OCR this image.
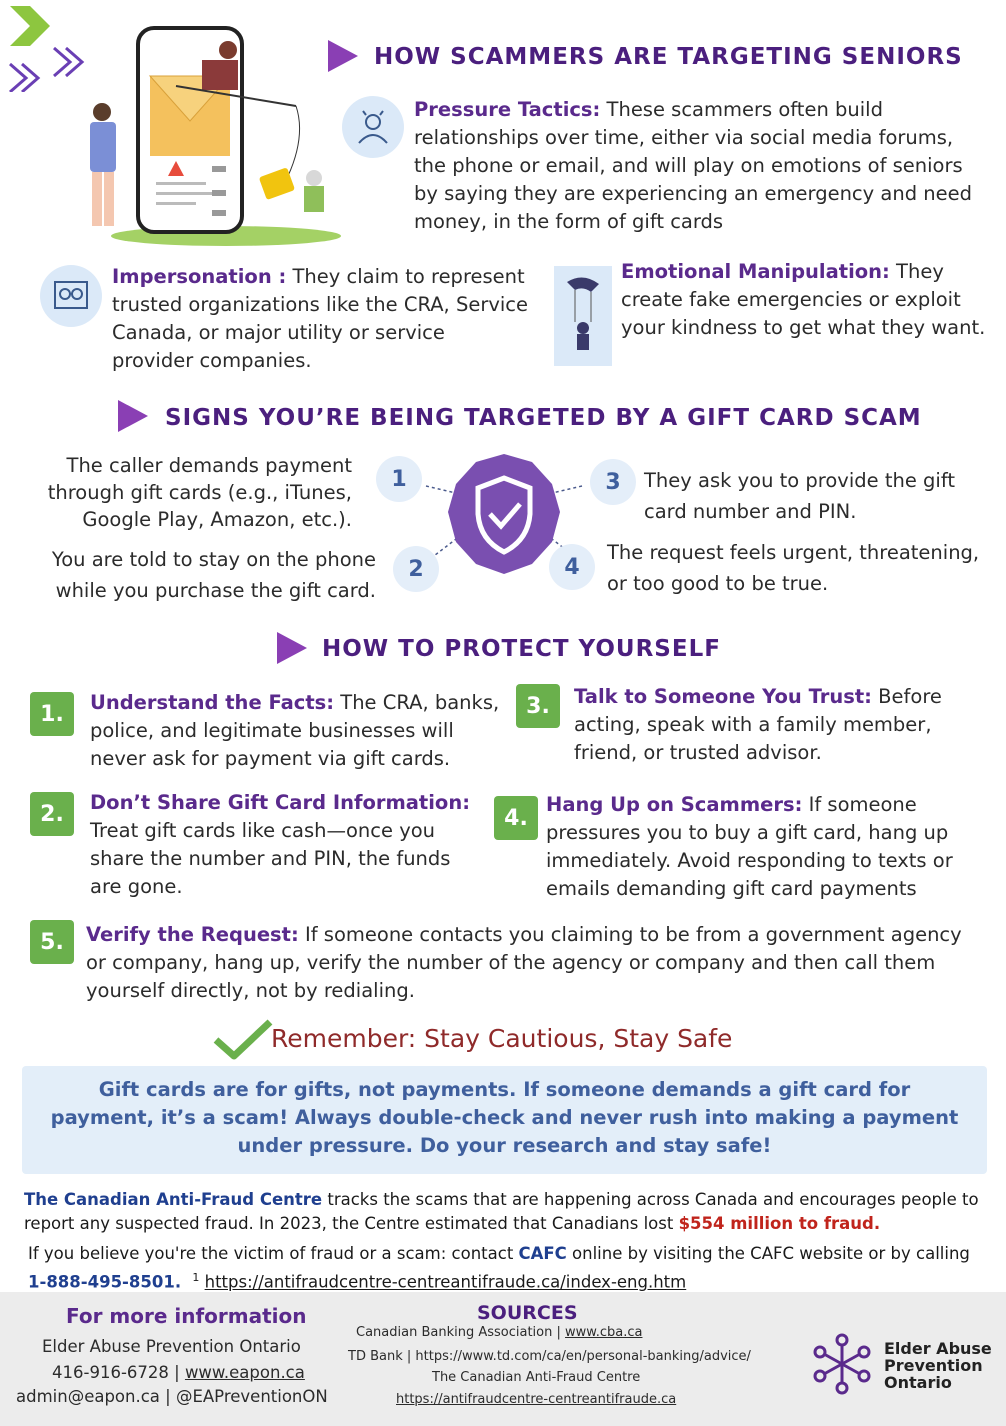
HOW SCAMMERS ARE TARGETING SENIORS
Pressure Tactics: These scammers often build relationships over time, either via social media forums, the phone or email, and will play on emotions of seniors by saying they are experiencing an emergency and need money, in the form of gift cards
Impersonation : They claim to represent trusted organizations like the CRA, Service Canada, or major utility or service provider companies.
Emotional Manipulation: They create fake emergencies or exploit your kindness to get what they want.
SIGNS YOU’RE BEING TARGETED BY A GIFT CARD SCAM
The caller demands payment through gift cards (e.g., iTunes, Google Play, Amazon, etc.).
You are told to stay on the phone while you purchase the gift card.
They ask you to provide the gift card number and PIN.
The request feels urgent, threatening, or too good to be true.
1
2
3
4
HOW TO PROTECT YOURSELF
1.	Understand the Facts: The CRA, banks, police, and legitimate businesses will never ask for payment via gift cards.
2.	Don’t Share Gift Card Information: Treat gift cards like cash—once you share the number and PIN, the funds are gone.
3.	Talk to Someone You Trust: Before acting, speak with a family member, friend, or trusted advisor.
4.
Hang Up on Scammers: If someone pressures you to buy a gift card, hang up immediately. Avoid responding to texts or emails demanding gift card payments
5.	Verify the Request: If someone contacts you claiming to be from a government agency or company, hang up, verify the number of the agency or company and then call them yourself directly, not by redialing.
Remember: Stay Cautious, Stay Safe
Gift cards are for gifts, not payments. If someone demands a gift card for payment, it’s a scam! Always double-check and never rush into making a payment under pressure. Do your research and stay safe!
The Canadian Anti-Fraud Centre tracks the scams that are happening across Canada and encourages people to report any suspected fraud. In 2023, the Centre estimated that Canadians lost $554 million to fraud.
If you believe you're the victim of fraud or a scam: contact CAFC online by visiting the CAFC website or by calling 1-888-495-8501. $^1$ https://antifraudcentre-centreantifraude.ca/index-eng.htm
For more information
Elder Abuse Prevention Ontario
416-916-6728 | www.eapon.ca
admin@eapon.ca | @EAPreventionON
SOURCES
Canadian Banking Association | www.cba.ca
TD Bank | https://www.td.com/ca/en/personal-banking/advice/
The Canadian Anti-Fraud Centre
https://antifraudcentre-centreantifraude.ca
Elder Abuse
Prevention
Ontario
